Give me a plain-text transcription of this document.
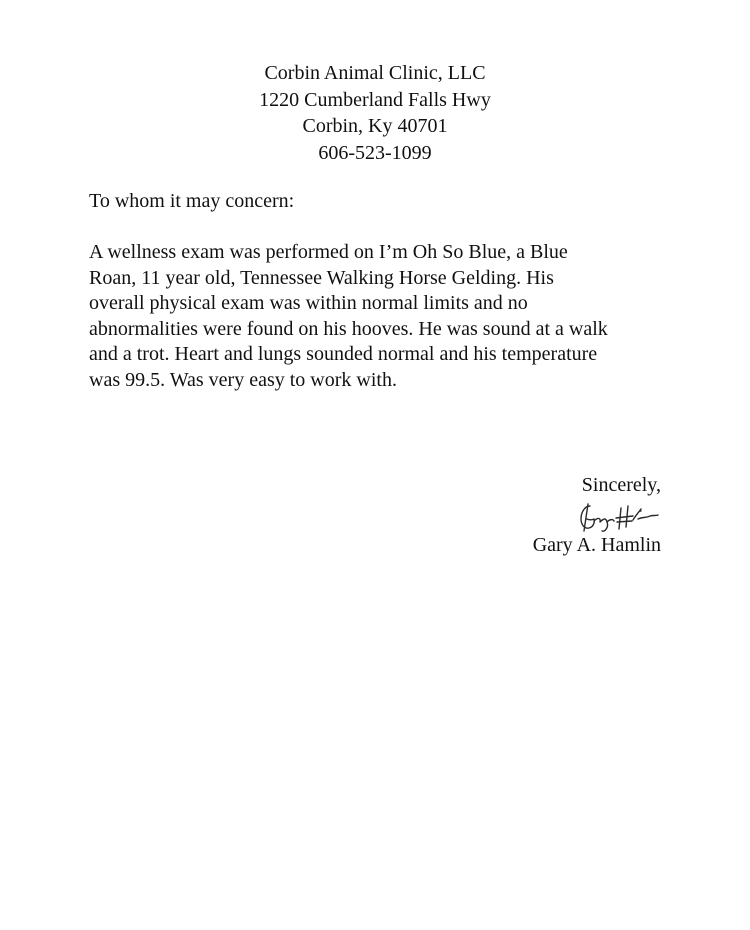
Corbin Animal Clinic, LLC
1220 Cumberland Falls Hwy
Corbin, Ky 40701
606-523-1099
To whom it may concern:
A wellness exam was performed on I’m Oh So Blue, a Blue
Roan, 11 year old, Tennessee Walking Horse Gelding. His
overall physical exam was within normal limits and no
abnormalities were found on his hooves. He was sound at a walk
and a trot. Heart and lungs sounded normal and his temperature
was 99.5. Was very easy to work with.
Sincerely,
Gary A. Hamlin
